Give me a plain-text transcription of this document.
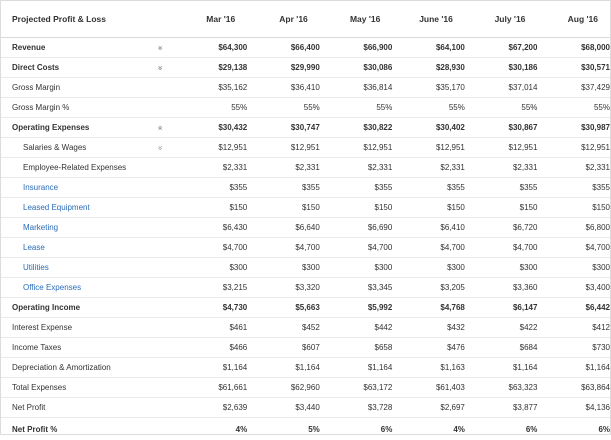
Projected Profit & Loss		Mar '16	Apr '16	May '16	June '16	July '16	Aug '16
Revenue	»	$64,300	$66,400	$66,900	$64,100	$67,200	$68,000
Direct Costs	»	$29,138	$29,990	$30,086	$28,930	$30,186	$30,571
Gross Margin		$35,162	$36,410	$36,814	$35,170	$37,014	$37,429
Gross Margin %		55%	55%	55%	55%	55%	55%
Operating Expenses	«	$30,432	$30,747	$30,822	$30,402	$30,867	$30,987
Salaries & Wages	»	$12,951	$12,951	$12,951	$12,951	$12,951	$12,951
Employee-Related Expenses		$2,331	$2,331	$2,331	$2,331	$2,331	$2,331
Insurance		$355	$355	$355	$355	$355	$355
Leased Equipment		$150	$150	$150	$150	$150	$150
Marketing		$6,430	$6,640	$6,690	$6,410	$6,720	$6,800
Lease		$4,700	$4,700	$4,700	$4,700	$4,700	$4,700
Utilities		$300	$300	$300	$300	$300	$300
Office Expenses		$3,215	$3,320	$3,345	$3,205	$3,360	$3,400
Operating Income		$4,730	$5,663	$5,992	$4,768	$6,147	$6,442
Interest Expense		$461	$452	$442	$432	$422	$412
Income Taxes		$466	$607	$658	$476	$684	$730
Depreciation & Amortization		$1,164	$1,164	$1,164	$1,163	$1,164	$1,164
Total Expenses		$61,661	$62,960	$63,172	$61,403	$63,323	$63,864
Net Profit		$2,639	$3,440	$3,728	$2,697	$3,877	$4,136
Net Profit %		4%	5%	6%	4%	6%	6%
